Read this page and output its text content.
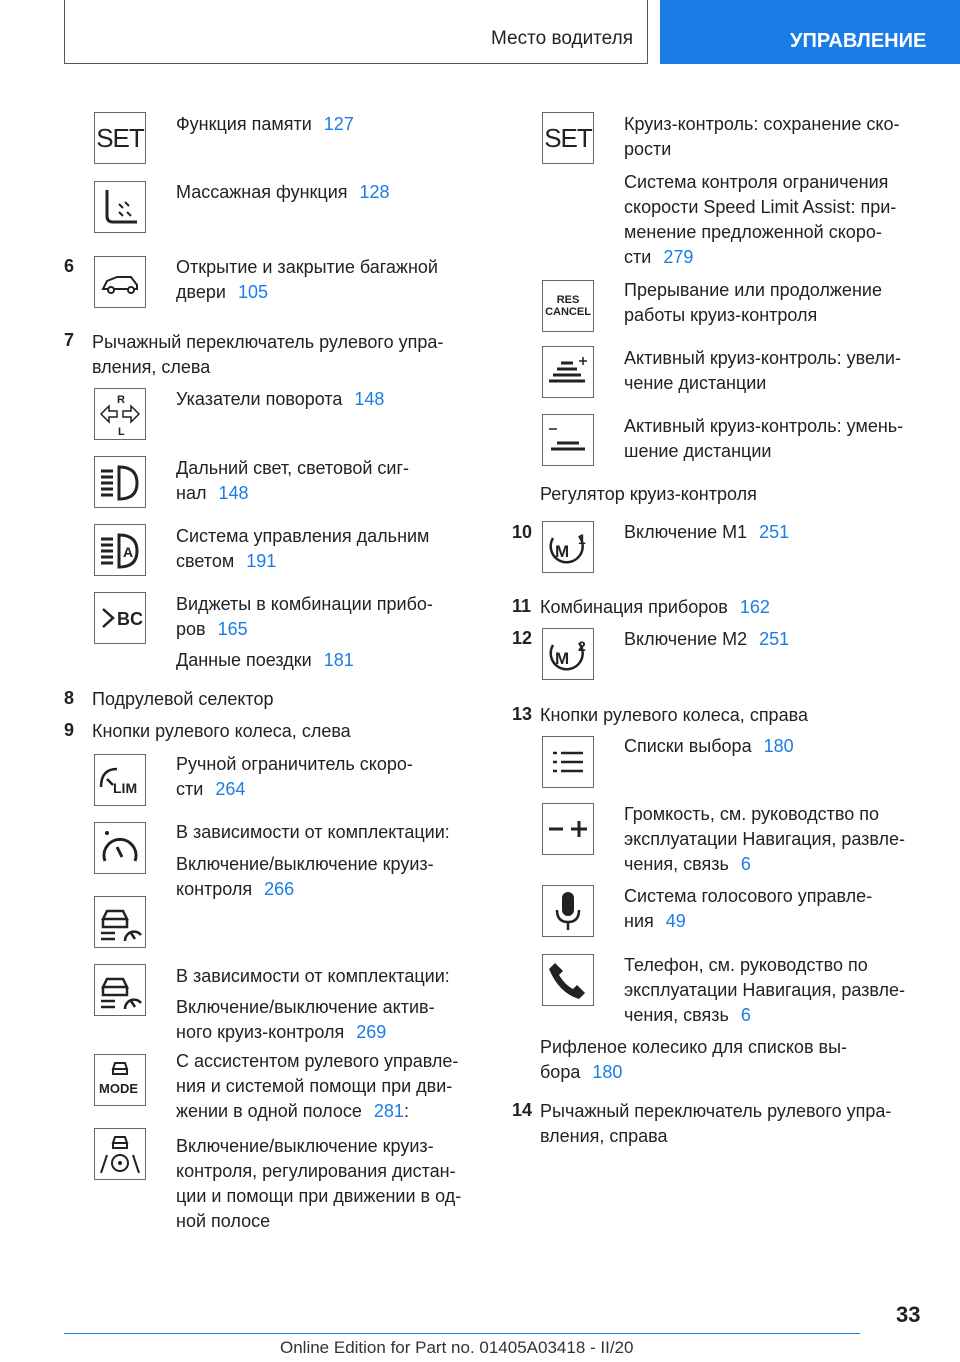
Место водителя	УПРАВЛЕНИЕ
SET Функция памяти 127
Массажная функция 128
6	Открытие и закрытие багажной
двери 105
7 Рычажный переключатель рулевого упра-
вления, слева
R
L
Указатели поворота 148
Дальний свет, световой сиг-
нал 148
A
Система управления дальним
светом 191
BC
Виджеты в комбинации прибо-
ров 165
Данные поездки 181
8 Подрулевой селектор
9 Кнопки рулевого колеса, слева
LIM
Ручной ограничитель скоро-
сти 264
В зависимости от комплектации:
Включение/выключение круиз-
контроля 266
В зависимости от комплектации:
Включение/выключение актив-
ного круиз-контроля 269
MODE
С ассистентом рулевого управле-
ния и системой помощи при дви-
жении в одной полосе 281:
Включение/выключение круиз-
контроля, регулирования дистан-
ции и помощи при движении в од-
ной полосе
SET Круиз-контроль: сохранение ско-
рости
Система контроля ограничения
скорости Speed Limit Assist: при-
менение предложенной скоро-
сти 279
RES
CANCEL
Прерывание или продолжение
работы круиз-контроля
Активный круиз-контроль: увели-
чение дистанции
Активный круиз-контроль: умень-
шение дистанции
Регулятор круиз-контроля
10
M
1 Включение M1 251
11 Комбинация приборов 162
12
M
2 Включение M2 251
13 Кнопки рулевого колеса, справа
Списки выбора 180
Громкость, см. руководство по
эксплуатации Навигация, развле-
чения, связь 6
Система голосового управле-
ния 49
Телефон, см. руководство по
эксплуатации Навигация, развле-
чения, связь 6
Рифленое колесико для списков вы-
бора 180
14 Рычажный переключатель рулевого упра-
вления, справа
33
Online Edition for Part no. 01405A03418 - II/20
